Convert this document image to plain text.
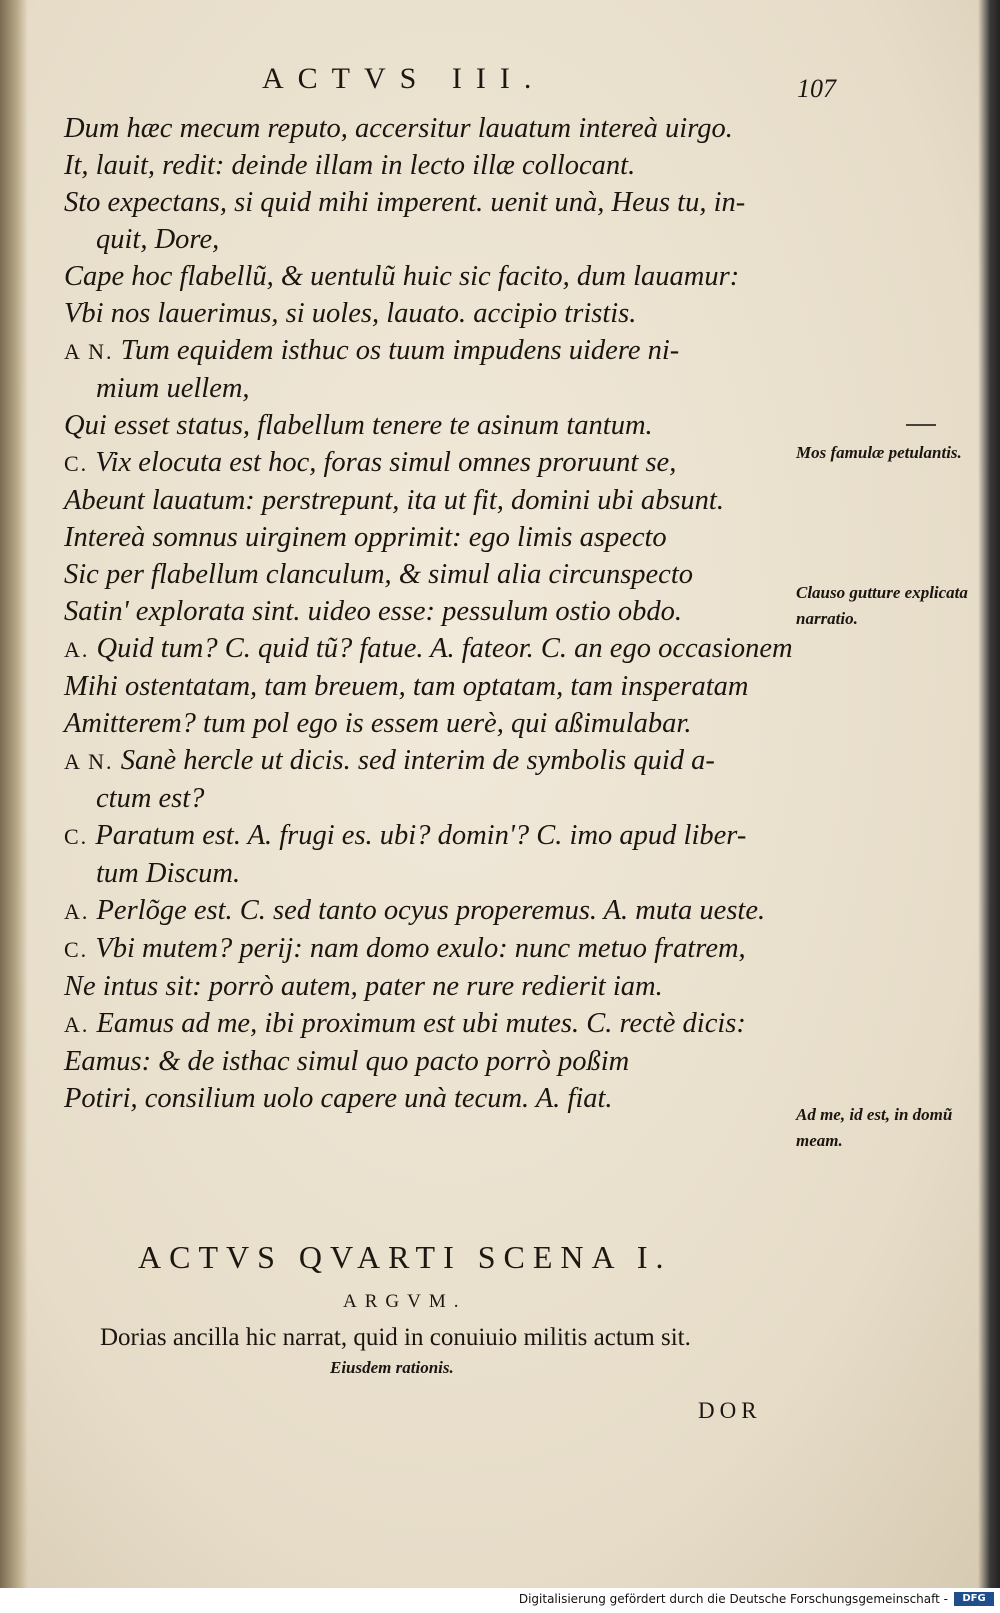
ACTVS III.	107
Dum hæc mecum reputo, accersitur lauatum intereà uirgo.
It, lauit, redit: deinde illam in lecto illæ collocant.
Sto expectans, si quid mihi imperent. uenit unà, Heus tu, in-
quit, Dore,
Cape hoc flabellũ, & uentulũ huic sic facito, dum lauamur:
Vbi nos lauerimus, si uoles, lauato. accipio tristis.
A N. Tum equidem isthuc os tuum impudens uidere ni-
mium uellem,
Qui esset status, flabellum tenere te asinum tantum.
C. Vix elocuta est hoc, foras simul omnes proruunt se,
Abeunt lauatum: perstrepunt, ita ut fit, domini ubi absunt.
Intereà somnus uirginem opprimit: ego limis aspecto
Sic per flabellum clanculum, & simul alia circunspecto
Satin' explorata sint. uideo esse: pessulum ostio obdo.
A. Quid tum? C. quid tũ? fatue. A. fateor. C. an ego occasionem
Mihi ostentatam, tam breuem, tam optatam, tam insperatam
Amitterem? tum pol ego is essem uerè, qui aßimulabar.
A N. Sanè hercle ut dicis. sed interim de symbolis quid a-
ctum est?
C. Paratum est. A. frugi es. ubi? domin'? C. imo apud liber-
tum Discum.
A. Perlõge est. C. sed tanto ocyus properemus. A. muta ueste.
C. Vbi mutem? perij: nam domo exulo: nunc metuo fratrem,
Ne intus sit: porrò autem, pater ne rure redierit iam.
A. Eamus ad me, ibi proximum est ubi mutes. C. rectè dicis:
Eamus: & de isthac simul quo pacto porrò poßim
Potiri, consilium uolo capere unà tecum. A. fiat.
Mos famulæ petulantis.
Clauso gutture explicata narratio.
Ad me, id est, in domũ meam.
ACTVS QVARTI SCENA I.
ARGVM.
Dorias ancilla hic narrat, quid in conuiuio militis actum sit.
Eiusdem rationis.
DOR
Digitalisierung gefördert durch die Deutsche Forschungsgemeinschaft -	DFG
